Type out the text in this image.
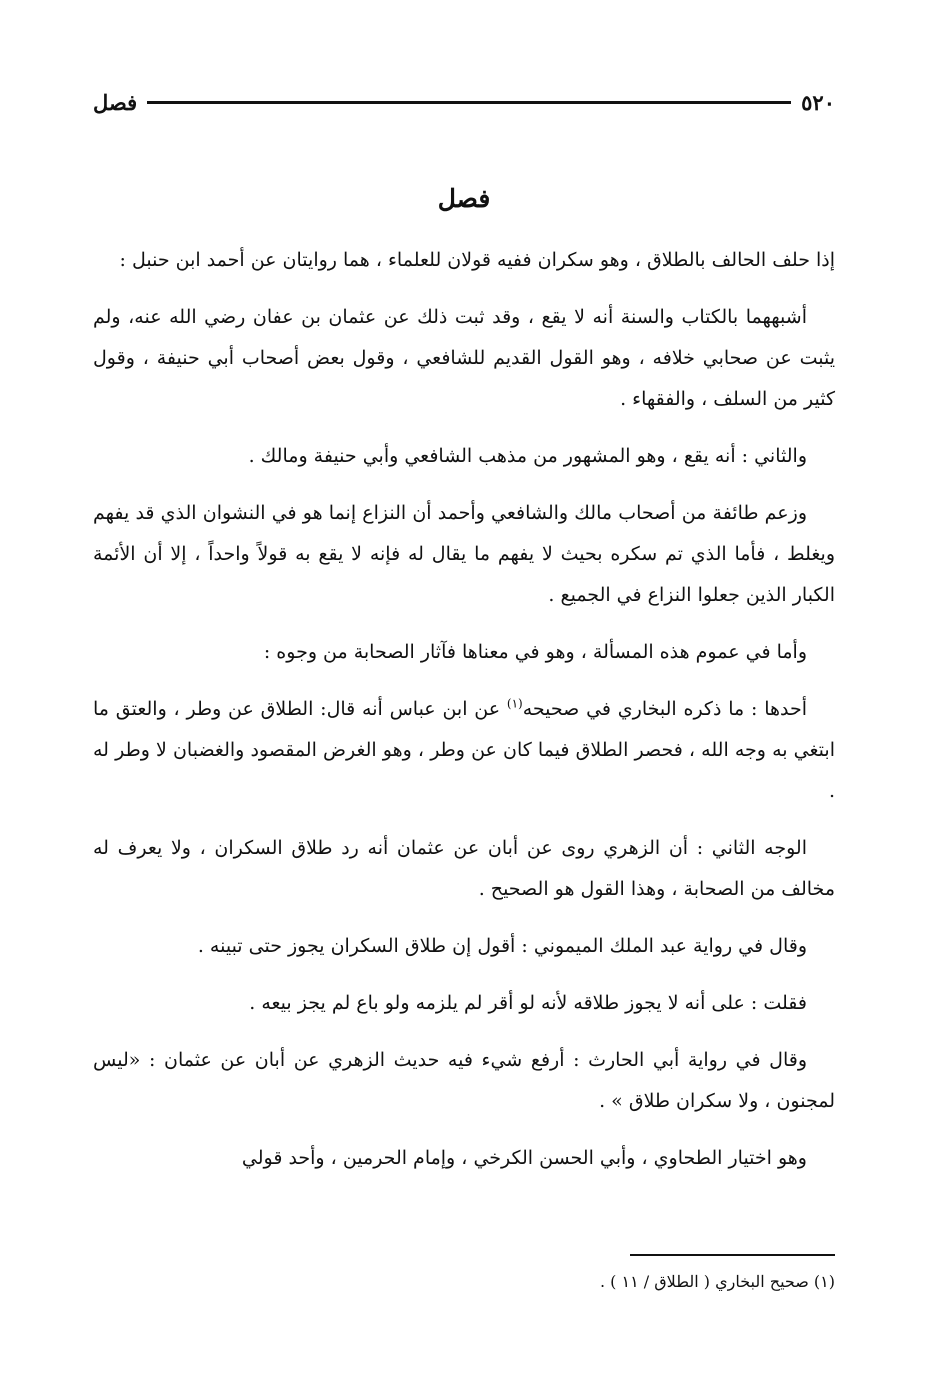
٥٢٠
فصل
فصل

إذا حلف الحالف بالطلاق ، وهو سكران ففيه قولان للعلماء ، هما روايتان عن أحمد ابن حنبل :

أشبههما بالكتاب والسنة أنه لا يقع ، وقد ثبت ذلك عن عثمان بن عفان رضي الله عنه، ولم يثبت عن صحابي خلافه ، وهو القول القديم للشافعي ، وقول بعض أصحاب أبي حنيفة ، وقول كثير من السلف ، والفقهاء .

والثاني : أنه يقع ، وهو المشهور من مذهب الشافعي وأبي حنيفة ومالك .

وزعم طائفة من أصحاب مالك والشافعي وأحمد أن النزاع إنما هو في النشوان الذي قد يفهم ويغلط ، فأما الذي تم سكره بحيث لا يفهم ما يقال له فإنه لا يقع به قولاً واحداً ، إلا أن الأئمة الكبار الذين جعلوا النزاع في الجميع .

وأما في عموم هذه المسألة ، وهو في معناها فآثار الصحابة من وجوه :

أحدها : ما ذكره البخاري في صحيحه$^{(١)}$ عن ابن عباس أنه قال: الطلاق عن وطر ، والعتق ما ابتغي به وجه الله ، فحصر الطلاق فيما كان عن وطر ، وهو الغرض المقصود والغضبان لا وطر له .

الوجه الثاني : أن الزهري روى عن أبان عن عثمان أنه رد طلاق السكران ، ولا يعرف له مخالف من الصحابة ، وهذا القول هو الصحيح .

وقال في رواية عبد الملك الميموني : أقول إن طلاق السكران يجوز حتى تبينه .

فقلت : على أنه لا يجوز طلاقه لأنه لو أقر لم يلزمه ولو باع لم يجز بيعه .

وقال في رواية أبي الحارث : أرفع شيء فيه حديث الزهري عن أبان عن عثمان : «ليس لمجنون ، ولا سكران طلاق » .

وهو اختيار الطحاوي ، وأبي الحسن الكرخي ، وإمام الحرمين ، وأحد قولي

(١) صحيح البخاري ( الطلاق / ١١ ) .
